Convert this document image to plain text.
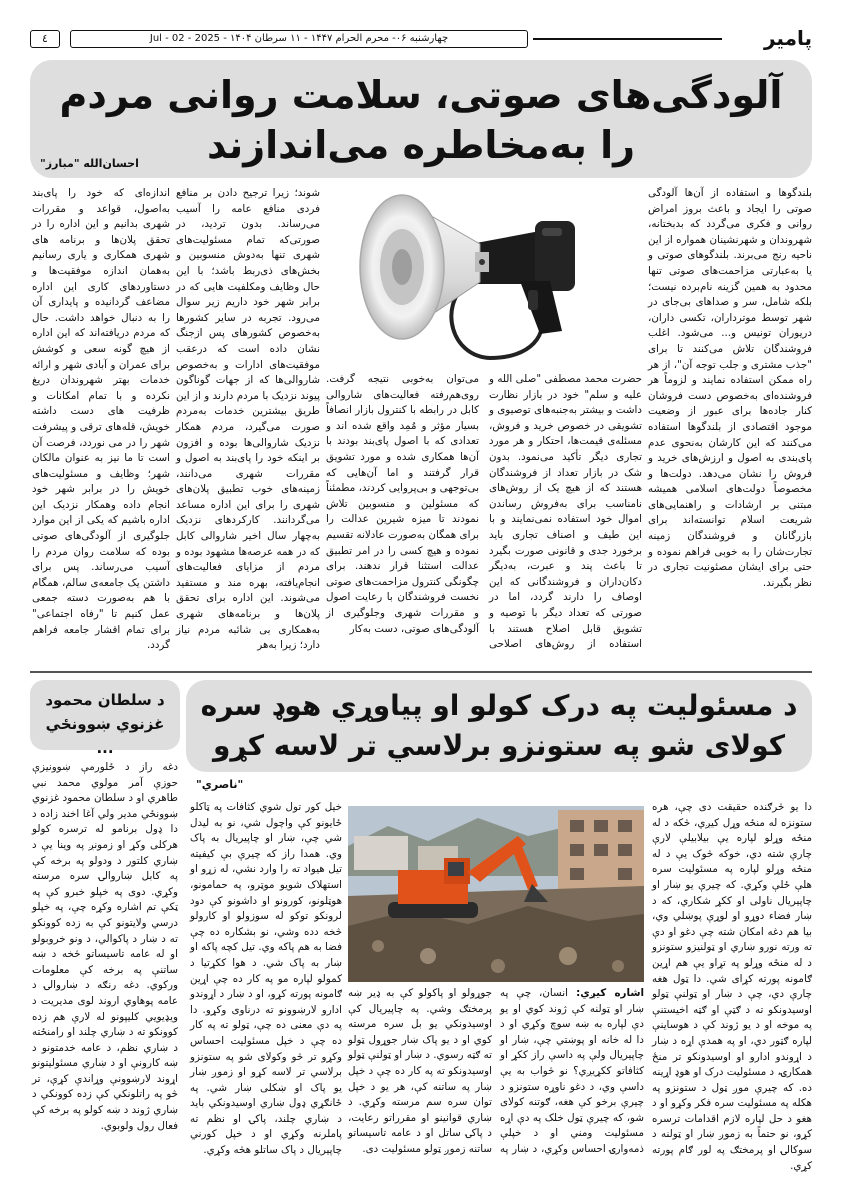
٤	چهارشنبه ۰۶- محرم الحرام ۱۴۴۷ - ۱۱ سرطان ۱۴۰۴ - Jul - 02 - 2025	پامیر
آلودگی‌های صوتی، سلامت روانی مردم را به‌مخاطره می‌اندازند
احسان‌الله "مبارز"
بلندگوها و استفاده از آن‌ها آلودگی صوتی را ایجاد و باعث بروز امراض روانی و فکری می‌گردد که بدبختانه، شهروندان و شهرنشینان همواره از این ناحیه رنج می‌برند. بلندگوهای صوتی و یا به‌عبارتی مزاحمت‌های صوتی تنها محدود به همین گزینه نام‌برده نیست؛ بلکه شامل، سر و صداهای بی‌جای در شهر توسط موترداران، تکسی داران، دریوران تونیس و... می‌شود. اغلب فروشندگان تلاش می‌کنند تا برای "جذب مشتری و جلب توجه آن"، از هر راه ممکن استفاده نمایند و لزوماً هر فروشنده‌ای به‌خصوص دست فروشان کنار جاده‌ها برای عبور از وضعیت موجود اقتصادی از بلندگوها استفاده می‌کنند که این کارشان به‌نحوی عدم پای‌بندی به اصول و ارزش‌های خرید و فروش را نشان می‌دهد. دولت‌ها و مخصوصاً دولت‌های اسلامی همیشه مبتنی بر ارشادات و راهنمایی‌های شریعت اسلام توانسته‌اند برای بازرگانان و فروشندگان زمینه تجارت‌شان را به خوبی فراهم نموده و حتی برای ایشان مصئونیت تجاری در نظر بگیرند.
حضرت محمد مصطفی "صلی الله و علیه و سلم" خود در بازار نظارت داشت و بیشتر به‌جنبه‌های توصیوی و تشویقی در خصوص خرید و فروش، مسئله‌ی قیمت‌ها، احتکار و هر مورد تجاری دیگر تأکید می‌نمود. بدون شک در بازار تعداد از فروشندگان هستند که از هیچ یک از روش‌های نامناسب برای به‌فروش رساندن اموال خود استفاده نمی‌نمایند و با این طیف و اصناف تجاری باید برخورد جدی و قانونی صورت بگیرد تا باعث پند و عبرت، به‌دیگر دکان‌داران و فروشندگانی که این اوصاف را دارند گردد، اما در صورتی که تعداد دیگر با توصیه و تشویق قابل اصلاح هستند با استفاده از روش‌های اصلاحی می‌توان به‌خوبی نتیجه گرفت. روی‌هم‌رفته فعالیت‌های شاروالی کابل در رابطه با کنترول بازار انصافاً بسیار مؤثر و مُمِد واقع شده اند و تعدادی که با اصول پای‌بند بودند با آن‌ها همکاری شده و مورد تشویق قرار گرفتند و اما آن‌هایی که بی‌توجهی و بی‌پروایی کردند، مطمئناً که مسئولین و منسوبین تلاش نمودند تا میزه شیرین عدالت را برای همگان به‌صورت عادلانه تقسیم نموده و هیچ کسی را در امر تطبیق عدالت استثنا قرار ندهند. برای چگونگی کنترول مزاحمت‌های صوتی نخست فروشندگان با رعایت اصول و مقررات شهری وجلوگیری از آلودگی‌های صوتی، دست به‌کار
شوند؛ زیرا ترجیح دادن بر منافع فردی منافع عامه را آسیب می‌رساند. بدون تردید، در صورتی‌که تمام مسئولیت‌های شهری تنها به‌دوش منسوبین و بخش‌های ذی‌ربط باشد؛ با این حال وظایف ومکلفیت هایی که در برابر شهر خود داریم زیر سوال می‌رود. تجربه در سایر کشورها به‌خصوص کشورهای پس ازجنگ نشان داده است که درعقب موفقیت‌های ادارات و به‌خصوص شاروالی‌ها که از جهات گوناگون پیوند نزدیک با مردم دارند و از این طریق بیشترین خدمات به‌مردم صورت می‌گیرد، مردم همکار نزدیک شاروالی‌ها بوده و افزون بر اینکه خود را پای‌بند به اصول و مقررات شهری می‌دانند، زمینه‌های خوب تطبیق پلان‌های شهری را برای این اداره مساعد می‌گردانند. کارکردهای نزدیک به‌چهار سال اخیر شاروالی کابل که در همه عرصه‌ها مشهود بوده و مردم از مزایای فعالیت‌های انجام‌یافته، بهره مند و مستفید می‌شوند. این اداره برای تحقق پلان‌ها و برنامه‌های شهری به‌همکاری بی شائبه مردم نیاز دارد؛ زیرا به‌هر
اندازه‌ای که خود را پای‌بند به‌اصول، قواعد و مقررات شهری بدانیم و این اداره را در تحقق پلان‌ها و برنامه های شهری همکاری و یاری رسانیم به‌همان اندازه موفقیت‌ها و دستاوردهای کاری این اداره مضاعف گردانیده و پایداری آن را به دنبال خواهد داشت. حال که مردم دریافته‌اند که این اداره از هیچ گونه سعی و کوشش برای عمران و آبادی شهر و ارائه خدمات بهتر شهروندان دریغ نکرده و با تمام امکانات و ظرفیت های دست داشته خویش، قله‌های ترقی و پیشرفت شهر را در می نوردد، فرصت آن است تا ما نیز به عنوان مالکان شهر؛ وظایف و مسئولیت‌های خویش را در برابر شهر خود انجام داده وهمکار نزدیک این اداره باشیم که یکی از این موارد جلوگیری از آلودگی‌های صوتی بوده که سلامت روان مردم را آسیب می‌رساند. پس برای داشتن یک جامعه‌ی سالم، همگام با ‌هم به‌صورت دسته جمعی عمل کنیم تا "رفاه اجتماعی" برای تمام اقشار جامعه فراهم گردد.
د سلطان محمود غزنوي ښوونځي ...
دغه راز د ځلورمې ښوونیزې حوزې آمر مولوي محمد نبي طاهري او د سلطان محمود غزنوي ښوونځي مدیر ولي آغا اخند زاده د دا ډول برنامو له ترسره کولو هرکلی وکړ او زمونږ په وینا یې د ښاري کلتور د ودولو په برخه کې په کابل ښاروالۍ سره مرسته وکړي. دوی په خپلو خبرو کې په ټکې تم اشاره وکړه چې، په خپلو درسي ولایتونو کې به زده کوونکو ته د ښار د پاکوالي، د ونو خروبولو او له عامه تاسیساتو څخه د ښه ساتنې په برخه کې معلومات ورکوي. دغه رنګه د ښاروالۍ د عامه پوهاوي اروند لوی مدیریت د ویډیویي کلیپونو له لارې هم زده کوونکو ته د ښاري چلند او رامنځته د ښاري نظم، د عامه خدمتونو د ښه کارونې او د ښاري مسئولیتونو اړوند لارښوونې وړاندې کړې، تر څو په راتلونکي کې زده کوونکي د ښاري ژوند د ښه کولو په برخه کې فعال رول ولوبوي.
د مسئولیت په درک کولو او پیاوړي هوډ سره کولای شو په ستونزو برلاسي تر لاسه کړو
"ناصري"
دا یو څرګنده حقیقت دی چې، هره ستونزه له منځه وړل کیږي، څکه د له منځه وړلو لپاره یې بیلابیلې لارې چارې شته دي، خوکه څوک یې د له منځه وړلو لپاره په مسئولیت سره هلې ځلې وکړي. که چیرې یو ښار او چاپیریال ناولی او ککړ شکاري، که د ښار فضاء دوړو او لوړې پوښلي وي، بیا هم دغه امکان شته چې دغو او دې ته ورته نورو ښاري او ټولنیزو ستونزو د له منځه وړلو په تړاو یې هم اړین ګامونه پورته کړای شي. دا ټول هغه چارې دي، چې د ښار او ټولنې ټولو اوسیدونکو ته د ګټې او ګټه اخیستنې په موخه او د یو ژوند کې د هوساینې لپاره ګټور دي، او په همدې اړه د ښار د اړوندو ادارو او اوسیدونکو تر منځ همکارۍ، د مسئولیت درک او هوډ اړینه ده. که چیرې موږ ټول د ستونزو په هکله په مسئولیت سره فکر وکړو او د هغو د حل لپاره لازم اقدامات ترسره کړو، نو حتماً به زموږ ښار او ټولنه د سوکالۍ او پرمختګ په لور ګام پورته کړي.
اشاره کیږي: انسان، چې په ښار او ټولنه کې ژوند کوي او یو دې لپاره به ښه سوچ وکړي او د دا له خانه او پوښتي چې، ښار او چاپیریال ولې په داسې راز ککړ او کثافاتو ککړیږي؟ نو څواب به یې داسې وي، د دغو ناوړه ستونزو د چیرې برخو کې هغه، ګوتنه کولای شو، که چیرې ټول خلک په دې اړه مسئولیت ومني او د خپلې ذمه‌وارۍ احساس وکړي، د ښار په جوړولو او پاکولو کې به ډیر ښه پرمختګ وشي. په چاپیریال کې اوسیدونکي یو بل سره مرسته کوي او د یو پاک ښار جوړول ټولو ته ګټه رسوي. د ښار او ټولنې ټولو اوسیدونکو ته په کار ده چې د خپل ښار په ساتنه کې، هر یو د خپل توان سره سم مرسته وکړي. د ښاري قوانینو او مقرراتو رعایت، د پاکۍ ساتل او د عامه تاسیساتو ساتنه زموږ ټولو مسئولیت دی.
خیل کور تول شوي کثافات په ټاکلو ځایونو کې واچول شي، نو به لیدل شي چې، ښار او چاپیریال به پاک وي. همدا راز که چیرې بې کیفیته تیل هیواد ته را وارد نشي، له زړو او استهلاک شویو موټرو، په حمامونو، هوټلونو، کورونو او داشونو کې دود لرونکو توکو له سوزولو او کارولو څخه دده وشي، نو بشکاره ده چې فضا به هم پاکه وي. تیل کچه پاکه او ښار به پاک شي. د هوا ککړتیا د کمولو لپاره مو په کار ده چې اړین ګامونه پورته کړو، او د ښار د اړوندو ادارو لارښوونو ته درناوی وکړو. دا په دې معنی ده چې، ټولو ته په کار ده چې د خپل مسئولیت احساس وکړو تر څو وکولای شو په ستونزو برلاسي تر لاسه کړو او زموږ ښار یو پاک او ښکلی ښار شي. په ځانګړي ډول ښاري اوسیدونکي باید د ښاري چلند، پاکۍ او نظم ته پاملرنه وکړي او د خپل کورني چاپیریال د پاک ساتلو هڅه وکړي.
